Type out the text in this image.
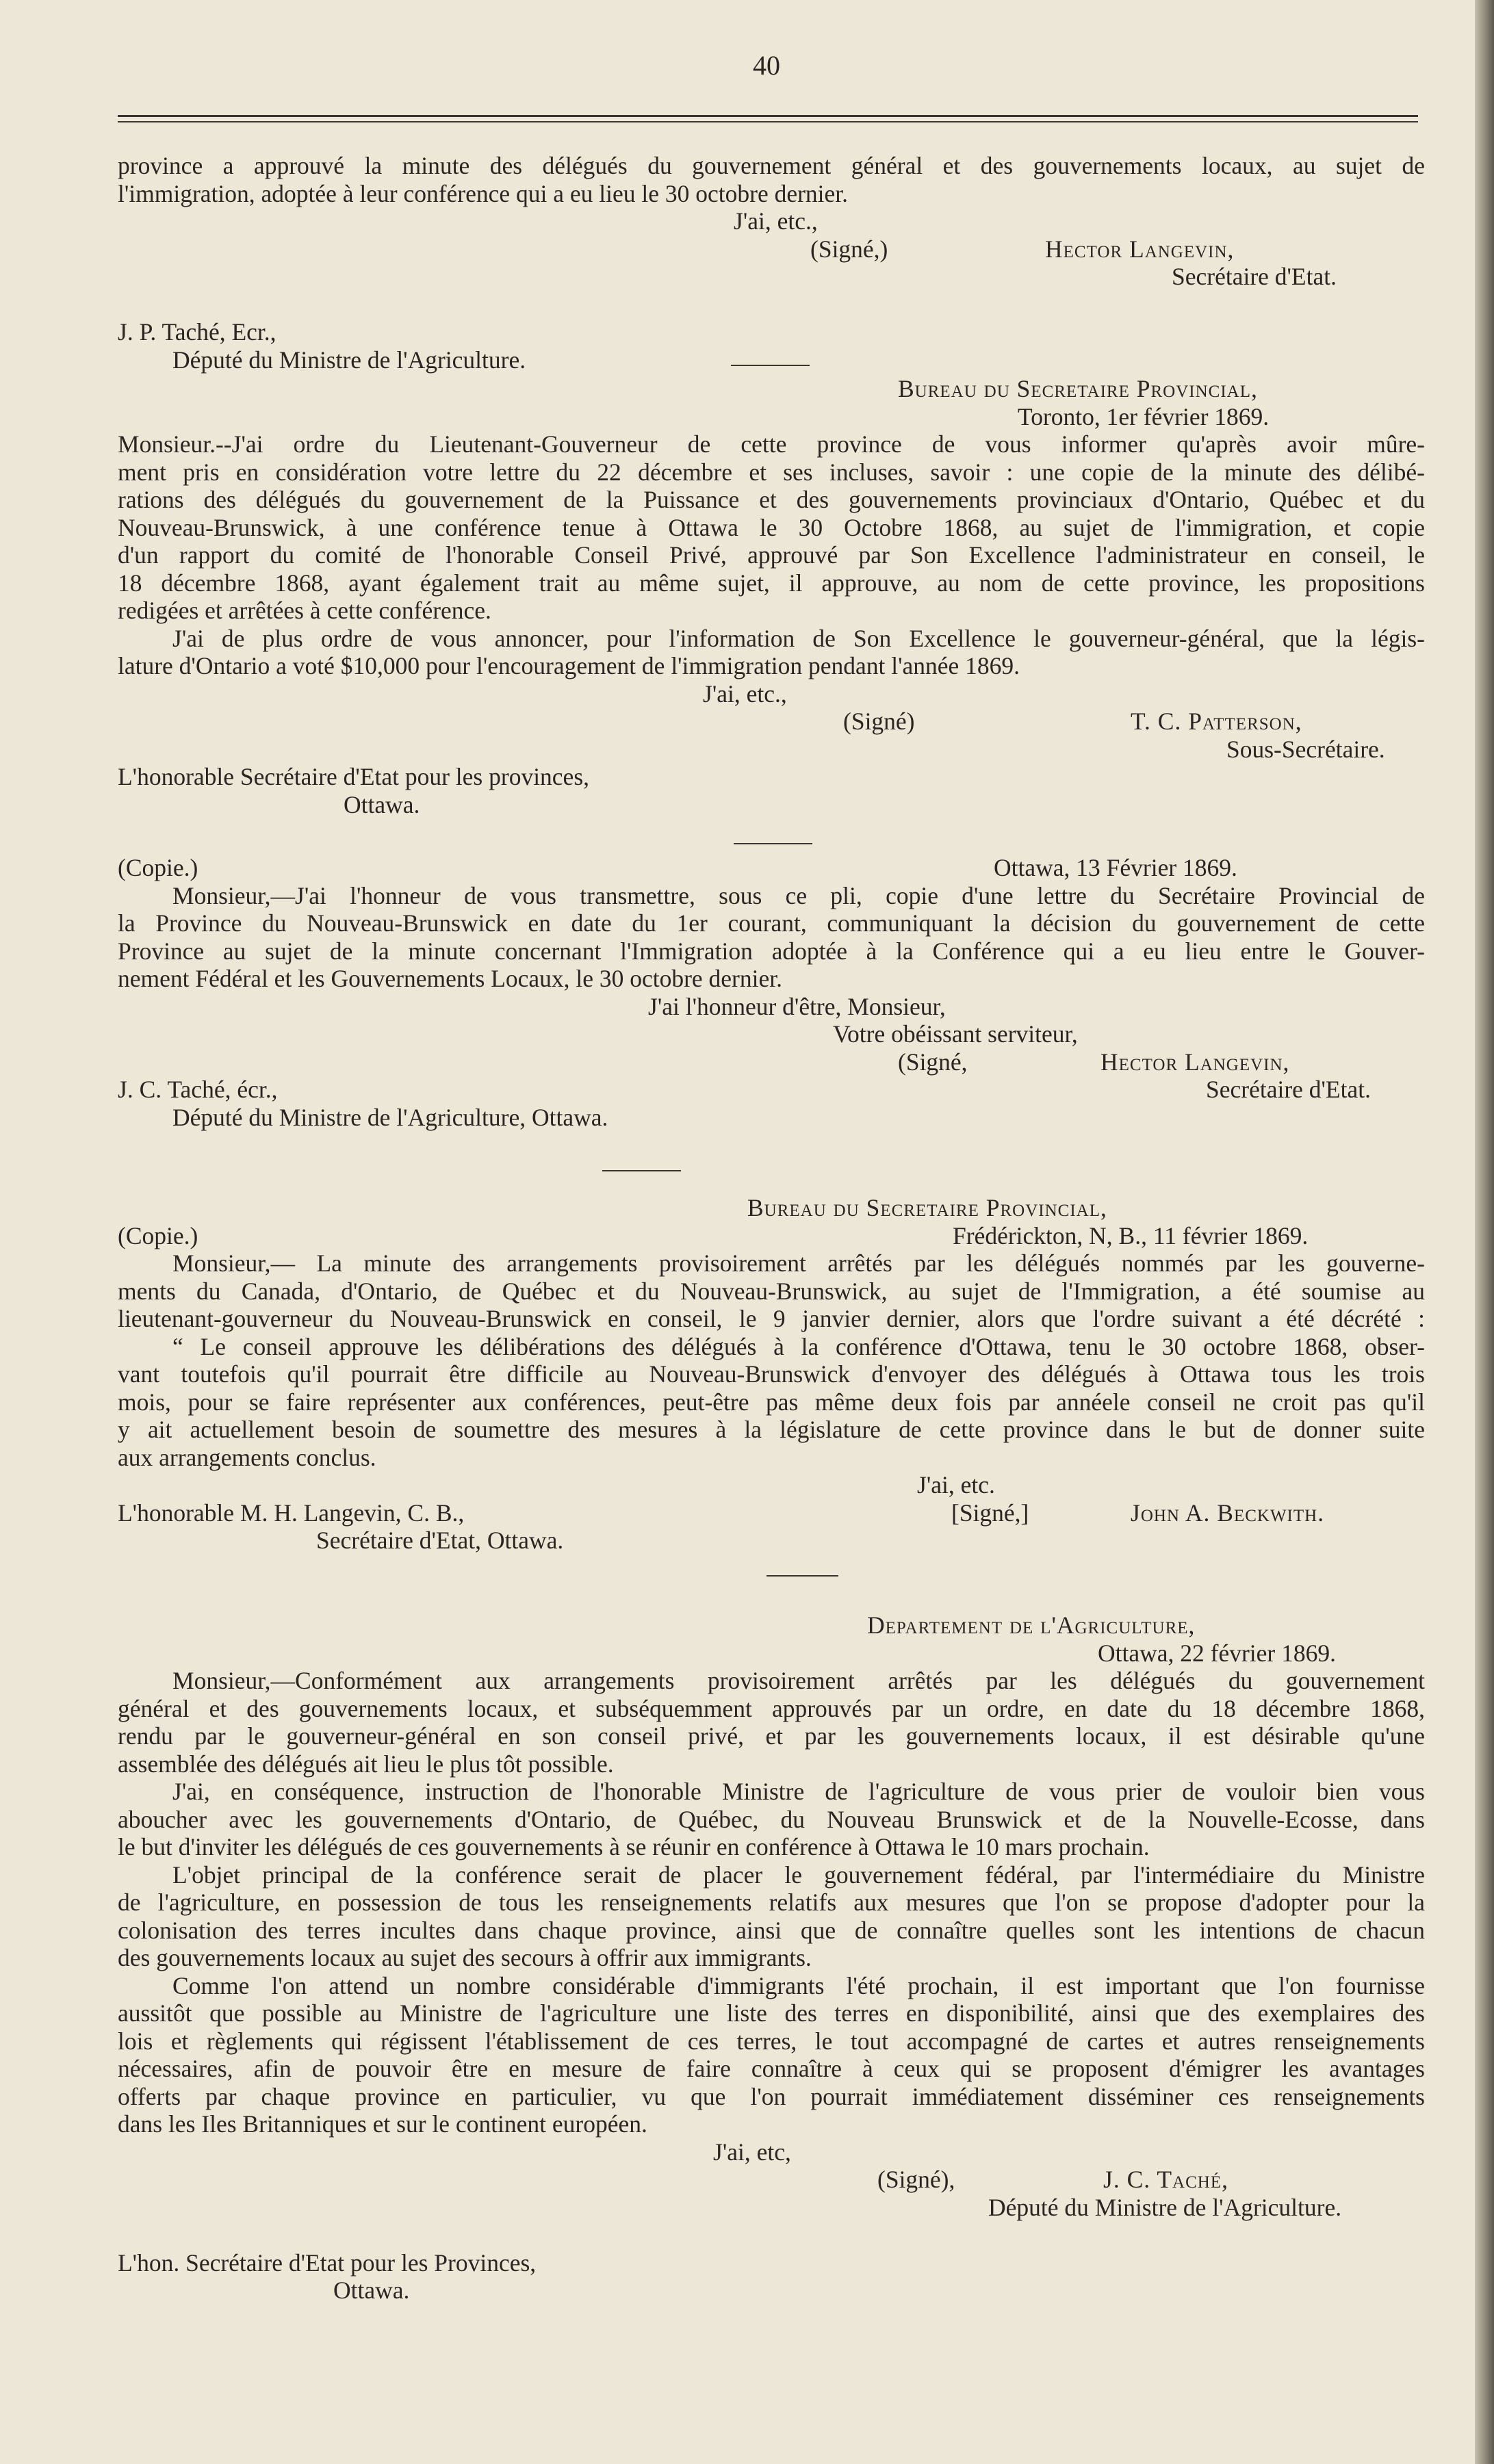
40
province a approuvé la minute des délégués du gouvernement général et des gouvernements locaux, au sujet de
l'immigration, adoptée à leur conférence qui a eu lieu le 30 octobre dernier.
J'ai, etc.,
(Signé,)	Hector Langevin,
Secrétaire d'Etat.
J. P. Taché, Ecr.,
Député du Ministre de l'Agriculture.
Bureau du Secretaire Provincial,
Toronto, 1er février 1869.
Monsieur.--J'ai ordre du Lieutenant-Gouverneur de cette province de vous informer qu'après avoir mûre-
ment pris en considération votre lettre du 22 décembre et ses incluses, savoir : une copie de la minute des délibé-
rations des délégués du gouvernement de la Puissance et des gouvernements provinciaux d'Ontario, Québec et du
Nouveau-Brunswick, à une conférence tenue à Ottawa le 30 Octobre 1868, au sujet de l'immigration, et copie
d'un rapport du comité de l'honorable Conseil Privé, approuvé par Son Excellence l'administrateur en conseil, le
18 décembre 1868, ayant également trait au même sujet, il approuve, au nom de cette province, les propositions
redigées et arrêtées à cette conférence.
J'ai de plus ordre de vous annoncer, pour l'information de Son Excellence le gouverneur-général, que la légis-
lature d'Ontario a voté $10,000 pour l'encouragement de l'immigration pendant l'année 1869.
J'ai, etc.,
(Signé)	T. C. Patterson,
Sous-Secrétaire.
L'honorable Secrétaire d'Etat pour les provinces,
Ottawa.
(Copie.)	Ottawa, 13 Février 1869.
Monsieur,—J'ai l'honneur de vous transmettre, sous ce pli, copie d'une lettre du Secrétaire Provincial de
la Province du Nouveau-Brunswick en date du 1er courant, communiquant la décision du gouvernement de cette
Province au sujet de la minute concernant l'Immigration adoptée à la Conférence qui a eu lieu entre le Gouver-
nement Fédéral et les Gouvernements Locaux, le 30 octobre dernier.
J'ai l'honneur d'être, Monsieur,
Votre obéissant serviteur,
(Signé,	Hector Langevin,
J. C. Taché, écr.,	Secrétaire d'Etat.
Député du Ministre de l'Agriculture, Ottawa.
Bureau du Secretaire Provincial,
(Copie.)	Frédérickton, N, B., 11 février 1869.
Monsieur,— La minute des arrangements provisoirement arrêtés par les délégués nommés par les gouverne-
ments du Canada, d'Ontario, de Québec et du Nouveau-Brunswick, au sujet de l'Immigration, a été soumise au
lieutenant-gouverneur du Nouveau-Brunswick en conseil, le 9 janvier dernier, alors que l'ordre suivant a été décrété :
“ Le conseil approuve les délibérations des délégués à la conférence d'Ottawa, tenu le 30 octobre 1868, obser-
vant toutefois qu'il pourrait être difficile au Nouveau-Brunswick d'envoyer des délégués à Ottawa tous les trois
mois, pour se faire représenter aux conférences, peut-être pas même deux fois par annéele conseil ne croit pas qu'il
y ait actuellement besoin de soumettre des mesures à la législature de cette province dans le but de donner suite
aux arrangements conclus.
J'ai, etc.
L'honorable M. H. Langevin, C. B.,	[Signé,]	John A. Beckwith.
Secrétaire d'Etat, Ottawa.
Departement de l'Agriculture,
Ottawa, 22 février 1869.
Monsieur,—Conformément aux arrangements provisoirement arrêtés par les délégués du gouvernement
général et des gouvernements locaux, et subséquemment approuvés par un ordre, en date du 18 décembre 1868,
rendu par le gouverneur-général en son conseil privé, et par les gouvernements locaux, il est désirable qu'une
assemblée des délégués ait lieu le plus tôt possible.
J'ai, en conséquence, instruction de l'honorable Ministre de l'agriculture de vous prier de vouloir bien vous
aboucher avec les gouvernements d'Ontario, de Québec, du Nouveau Brunswick et de la Nouvelle-Ecosse, dans
le but d'inviter les délégués de ces gouvernements à se réunir en conférence à Ottawa le 10 mars prochain.
L'objet principal de la conférence serait de placer le gouvernement fédéral, par l'intermédiaire du Ministre
de l'agriculture, en possession de tous les renseignements relatifs aux mesures que l'on se propose d'adopter pour la
colonisation des terres incultes dans chaque province, ainsi que de connaître quelles sont les intentions de chacun
des gouvernements locaux au sujet des secours à offrir aux immigrants.
Comme l'on attend un nombre considérable d'immigrants l'été prochain, il est important que l'on fournisse
aussitôt que possible au Ministre de l'agriculture une liste des terres en disponibilité, ainsi que des exemplaires des
lois et règlements qui régissent l'établissement de ces terres, le tout accompagné de cartes et autres renseignements
nécessaires, afin de pouvoir être en mesure de faire connaître à ceux qui se proposent d'émigrer les avantages
offerts par chaque province en particulier, vu que l'on pourrait immédiatement disséminer ces renseignements
dans les Iles Britanniques et sur le continent européen.
J'ai, etc,
(Signé),	J. C. Taché,
Député du Ministre de l'Agriculture.
L'hon. Secrétaire d'Etat pour les Provinces,
Ottawa.
